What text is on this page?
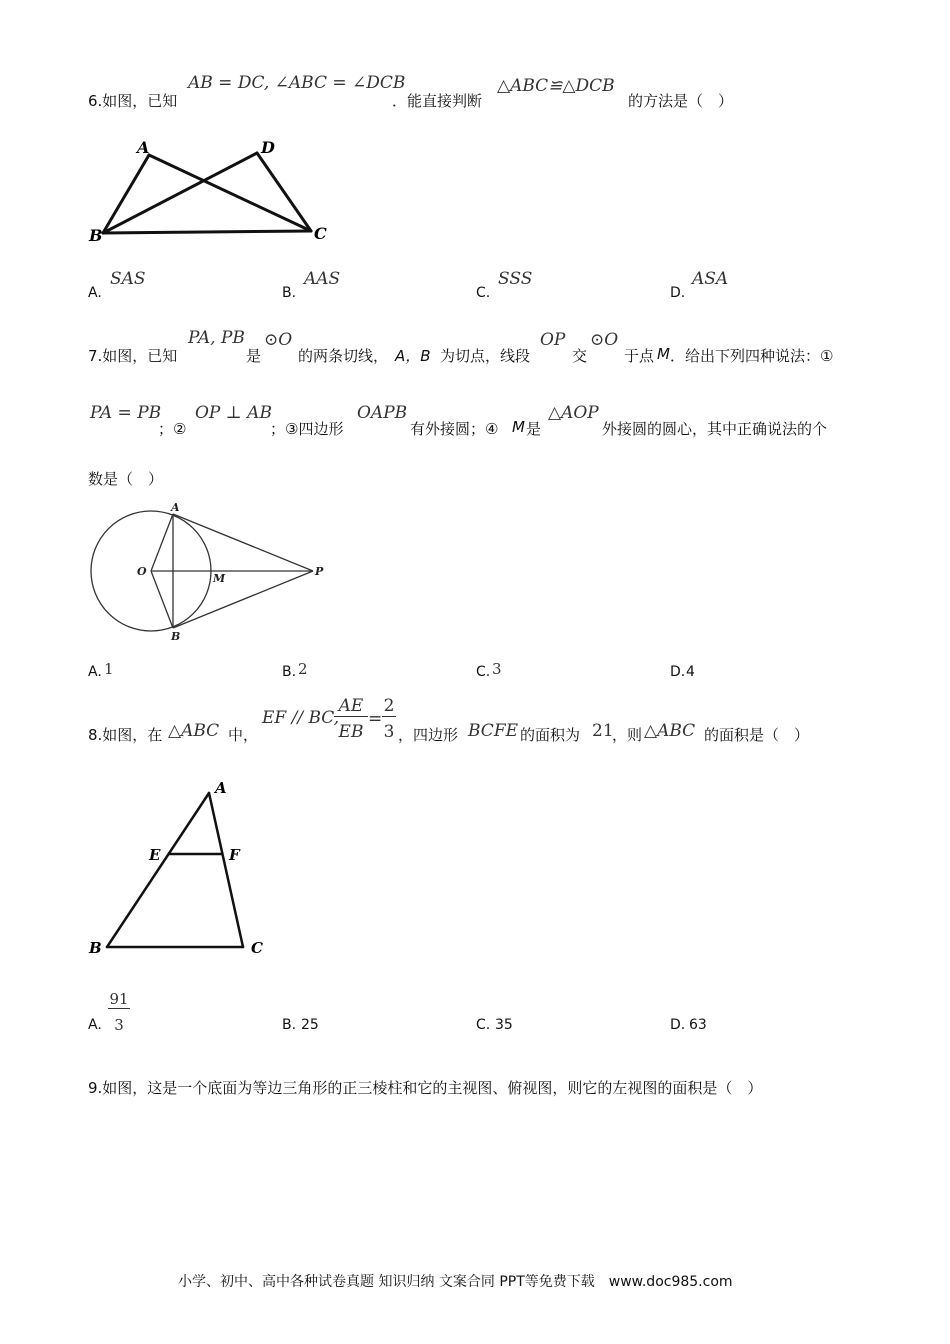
6.如图，已知
AB = DC, ∠ABC = ∠DCB
．能直接判断
△ABC≌△DCB
的方法是（　）
A	D
B	C
A.
SAS
B.
AAS
C.
SSS
D.
ASA
7.如图，已知
PA, PB
是
⊙O
的两条切线， A，B 为切点，线段
OP
交
⊙O
于点 M ．给出下列四种说法：①
PA = PB
；②
OP ⊥ AB
；③四边形
OAPB
有外接圆；④ M 是
△AOP
外接圆的圆心，其中正确说法的个
数是（　）
A
B
O
M
P
A. 1	B. 2	C. 3	D. 4
8.如图，在 △ABC 中，
EF // BC,
AE
EB
=
2
3 ，四边形 BCFE 的面积为 21
，则 △ABC 的面积是（　）
A
E	F
B	C
A.
91
3	B. 25	C. 35	D. 63
9.如图，这是一个底面为等边三角形的正三棱柱和它的主视图、俯视图，则它的左视图的面积是（　）
小学、初中、高中各种试卷真题 知识归纳 文案合同 PPT等免费下载　www.doc985.com
